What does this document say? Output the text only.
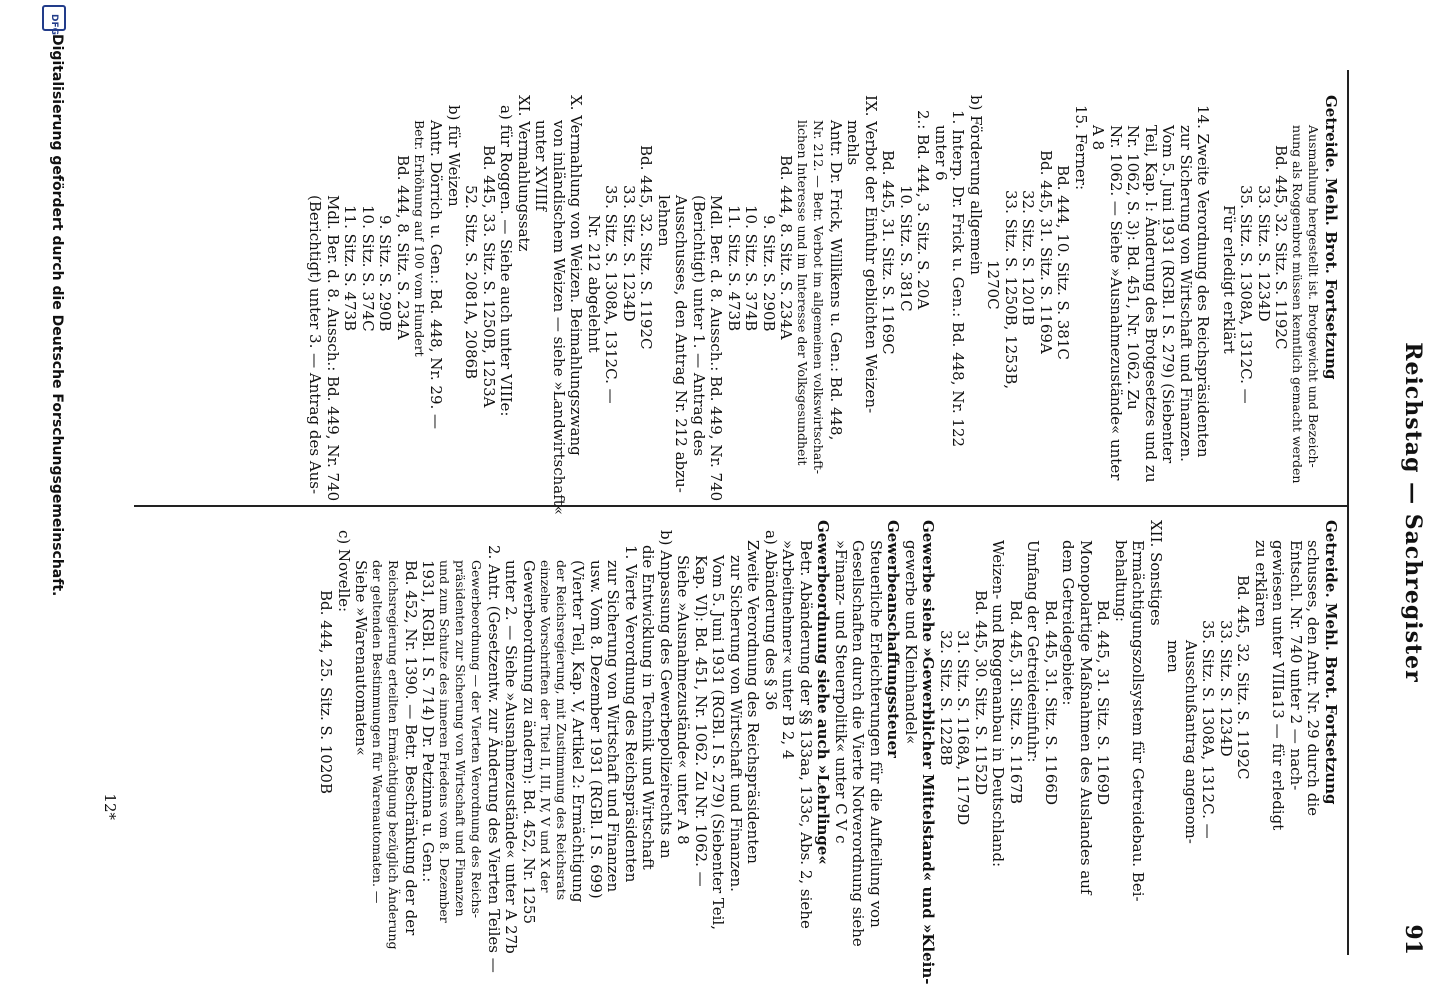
Reichstag — Sachregister
91
Getreide. Mehl. Brot. Fortsetzung
Ausmahlung hergestellt ist. Brotgewicht und Bezeich-
nung als Roggenbrot müssen kenntlich gemacht werden
Bd. 445, 32. Sitz. S. 1192C
33. Sitz. S. 1234D
35. Sitz. S. 1308A, 1312C. —
Für erledigt erklärt
14. Zweite Verordnung des Reichspräsidenten
zur Sicherung von Wirtschaft und Finanzen.
Vom 5. Juni 1931 (RGBl. I S. 279) (Siebenter
Teil, Kap. I: Änderung des Brotgesetzes und zu
Nr. 1062, S. 3): Bd. 451, Nr. 1062. Zu
Nr. 1062. — Siehe »Ausnahmezustände« unter
A 8
15. Ferner:
Bd. 444, 10. Sitz. S. 381C
Bd. 445, 31. Sitz. S. 1169A
32. Sitz. S. 1201B
33. Sitz. S. 1250B, 1253B,
1270C
b) Förderung allgemein
1. Interp. Dr. Frick u. Gen.: Bd. 448, Nr. 122
unter 6
2.: Bd. 444, 3. Sitz. S. 20A
10. Sitz. S. 381C
Bd. 445, 31. Sitz. S. 1169C
IX. Verbot der Einfuhr geblichten Weizen-
mehls
Antr. Dr. Frick, Willikens u. Gen.: Bd. 448,
Nr. 212. — Betr. Verbot im allgemeinen volkswirtschaft-
lichen Interesse und im Interesse der Volksgesundheit
Bd. 444, 8. Sitz. S. 234A
9. Sitz. S. 290B
10. Sitz. S. 374B
11. Sitz. S. 473B
Mdl. Ber. d. 8. Aussch.: Bd. 449, Nr. 740
(Berichtigt) unter 1. — Antrag des
Ausschusses, den Antrag Nr. 212 abzu-
lehnen
Bd. 445, 32. Sitz. S. 1192C
33. Sitz. S. 1234D
35. Sitz. S. 1308A, 1312C. —
Nr. 212 abgelehnt
X. Vermahlung von Weizen. Beimahlungszwang
von inländischem Weizen — siehe »Landwirtschaft«
unter XVIIIf
XI. Vermahlungssatz
a) für Roggen. — Siehe auch unter VIIIe:
Bd. 445, 33. Sitz. S. 1250B, 1253A
52. Sitz. S. 2081A, 2086B
b) für Weizen
Antr. Dörrich u. Gen.: Bd. 448, Nr. 29. —
Betr. Erhöhung auf 100 vom Hundert
Bd. 444, 8. Sitz. S. 234A
9. Sitz. S. 290B
10. Sitz. S. 374C
11. Sitz. S. 473B
Mdl. Ber. d. 8. Aussch.: Bd. 449, Nr. 740
(Berichtigt) unter 3. — Antrag des Aus-
Getreide. Mehl. Brot. Fortsetzung
schusses, den Antr. Nr. 29 durch die
Entschl. Nr. 740 unter 2 — nach-
gewiesen unter VIIIa13 — für erledigt
zu erklären
Bd. 445, 32. Sitz. S. 1192C
33. Sitz. S. 1234D
35. Sitz. S. 1308A, 1312C. —
Ausschußantrag angenom-
men
XII. Sonstiges
Ermächtigungszollsystem für Getreidebau. Bei-
behaltung:
Bd. 445, 31. Sitz. S. 1169D
Monopolartige Maßnahmen des Auslandes auf
dem Getreidegebiete:
Bd. 445, 31. Sitz. S. 1166D
Umfang der Getreideeinfuhr:
Bd. 445, 31. Sitz. S. 1167B
Weizen- und Roggenanbau in Deutschland:
Bd. 445, 30. Sitz. S. 1152D
31. Sitz. S. 1168A, 1179D
32. Sitz. S. 1228B
Gewerbe siehe »Gewerblicher Mittelstand« und »Klein-
gewerbe und Kleinhandel«
Gewerbeanschaffungssteuer
Steuerliche Erleichterungen für die Aufteilung von
Gesellschaften durch die Vierte Notverordnung siehe
»Finanz- und Steuerpolitik« unter C V c
Gewerbeordnung siehe auch »Lehrlinge«
Betr. Abänderung der §§ 133aa, 133c, Abs. 2, siehe
»Arbeitnehmer« unter B 2, 4
a) Abänderung des § 36
Zweite Verordnung des Reichspräsidenten
zur Sicherung von Wirtschaft und Finanzen.
Vom 5. Juni 1931 (RGBl. I S. 279) (Siebenter Teil,
Kap. VI): Bd. 451, Nr. 1062. Zu Nr. 1062. —
Siehe »Ausnahmezustände« unter A 8
b) Anpassung des Gewerbepolizeirechts an
die Entwicklung in Technik und Wirtschaft
1. Vierte Verordnung des Reichspräsidenten
zur Sicherung von Wirtschaft und Finanzen
usw. Vom 8. Dezember 1931 (RGBl. I S. 699)
(Vierter Teil, Kap. V, Artikel 2: Ermächtigung
der Reichsregierung, mit Zustimmung des Reichsrats
einzelne Vorschriften der Titel II, III, IV, V und X der
Gewerbeordnung zu ändern): Bd. 452, Nr. 1255
unter 2. — Siehe »Ausnahmezustände« unter A 27b
2. Antr. (Gesetzentw. zur Änderung des Vierten Teiles —
Gewerbeordnung — der Vierten Verordnung des Reichs-
präsidenten zur Sicherung von Wirtschaft und Finanzen
und zum Schutze des inneren Friedens vom 8. Dezember
1931, RGBl. I S. 714) Dr. Petzinna u. Gen.:
Bd. 452, Nr. 1390. — Betr. Beschränkung der der
Reichsregierung erteilten Ermächtigung bezüglich Änderung
der geltenden Bestimmungen für Warenautomaten. —
Siehe »Warenautomaten«
c) Novelle:
Bd. 444, 25. Sitz. S. 1020B
12*
DFG
Digitalisierung gefördert durch die Deutsche Forschungsgemeinschaft.
